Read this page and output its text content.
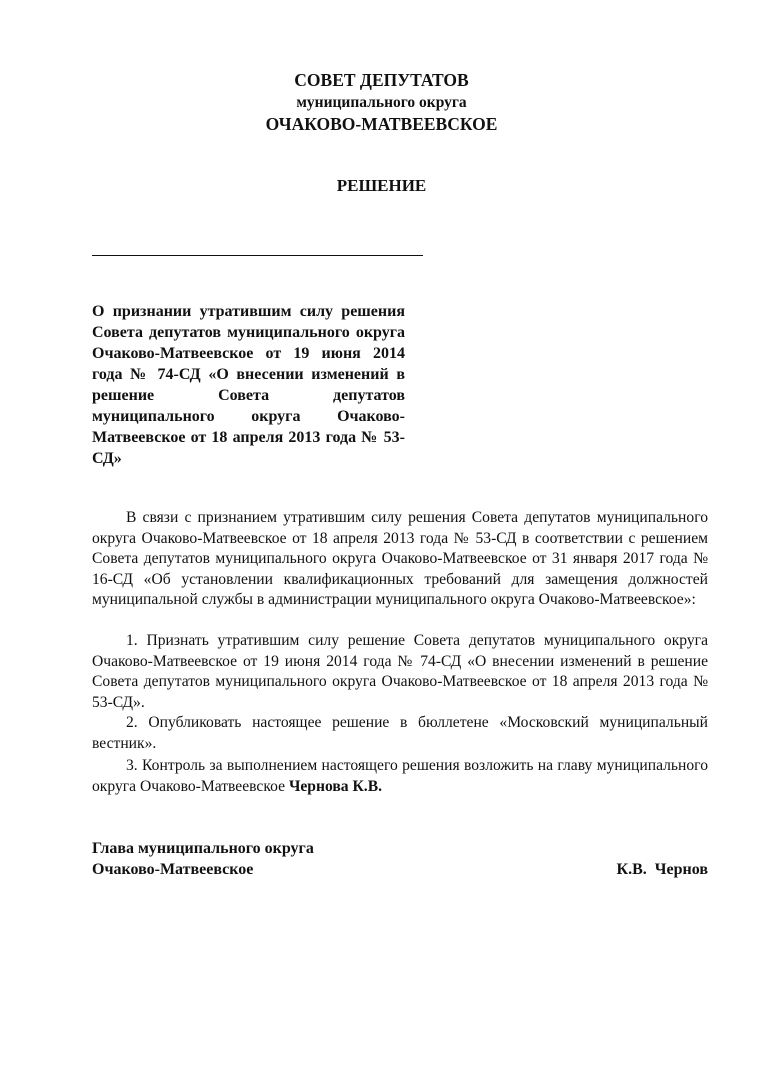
СОВЕТ ДЕПУТАТОВ
муниципального округа
ОЧАКОВО-МАТВЕЕВСКОЕ
РЕШЕНИЕ
О признании утратившим силу решения Совета депутатов муниципального округа Очаково-Матвеевское от 19 июня 2014 года № 74-СД «О внесении изменений в решение Совета депутатов муниципального округа Очаково-Матвеевское от 18 апреля 2013 года № 53-СД»

В связи с признанием утратившим силу решения Совета депутатов муниципального округа Очаково-Матвеевское от 18 апреля 2013 года № 53-СД в соответствии с решением Совета депутатов муниципального округа Очаково-Матвеевское от 31 января 2017 года № 16-СД «Об установлении квалификационных требований для замещения должностей муниципальной службы в администрации муниципального округа Очаково-Матвеевское»:

1. Признать утратившим силу решение Совета депутатов муниципального округа Очаково-Матвеевское от 19 июня 2014 года № 74-СД «О внесении изменений в решение Совета депутатов муниципального округа Очаково-Матвеевское от 18 апреля 2013 года № 53-СД».

2. Опубликовать настоящее решение в бюллетене «Московский муниципальный вестник».

3. Контроль за выполнением настоящего решения возложить на главу муниципального округа Очаково-Матвеевское Чернова К.В.

Глава муниципального округа
Очаково-Матвеевское	К.В.  Чернов
